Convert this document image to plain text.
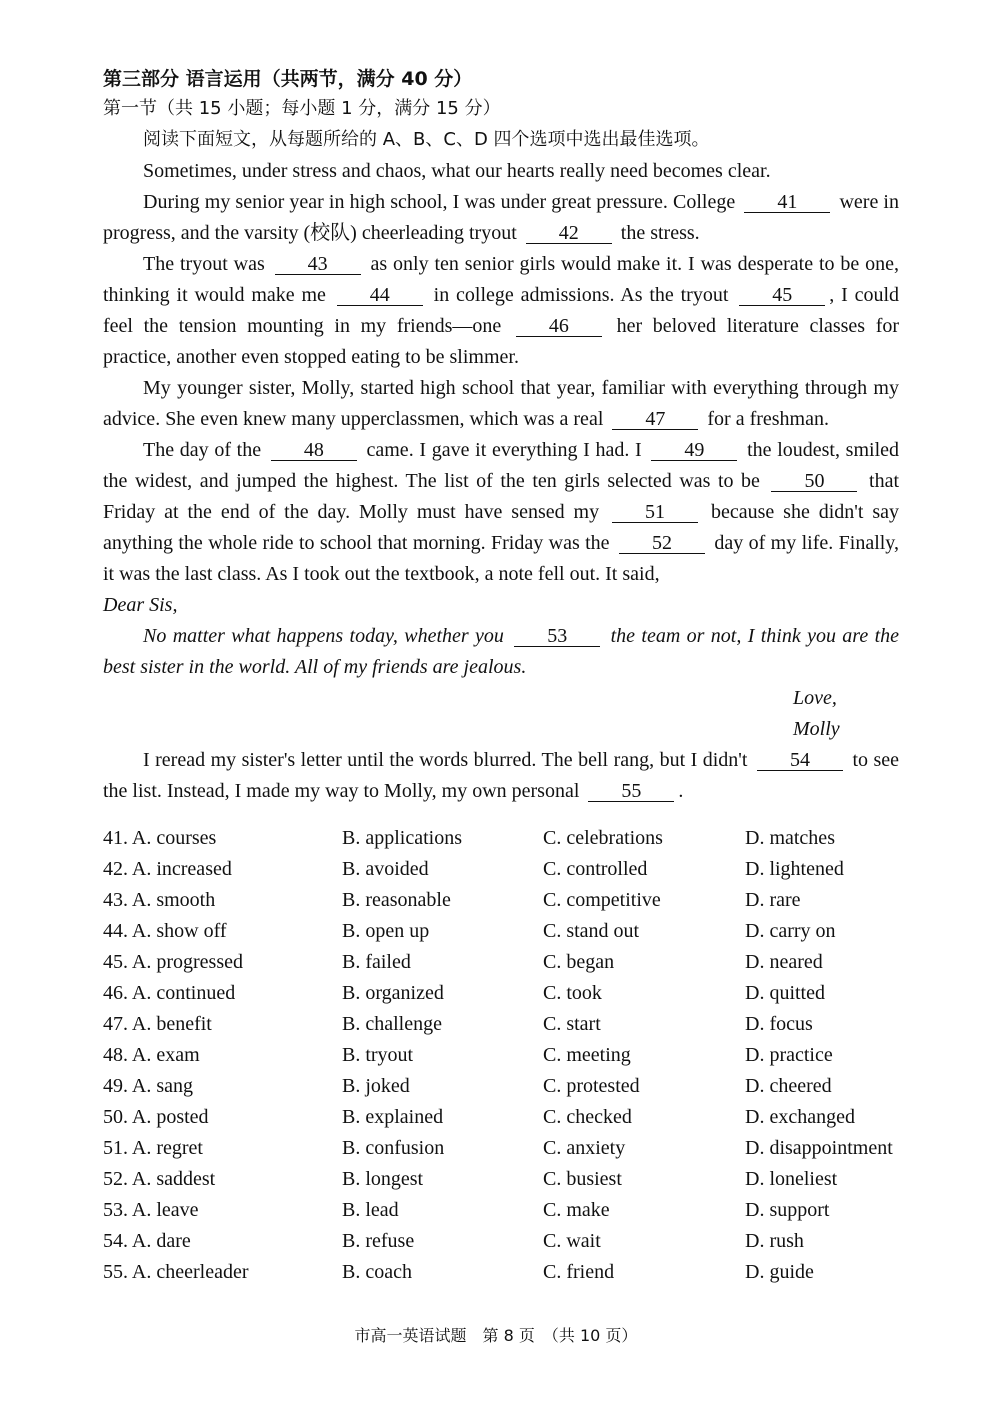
第三部分 语言运用（共两节，满分 40 分）

第一节（共 15 小题；每小题 1 分，满分 15 分）

阅读下面短文，从每题所给的 A、B、C、D 四个选项中选出最佳选项。

Sometimes, under stress and chaos, what our hearts really need becomes clear.

During my senior year in high school, I was under great pressure. College 41 were in progress, and the varsity (校队) cheerleading tryout 42 the stress.

The tryout was 43 as only ten senior girls would make it. I was desperate to be one, thinking it would make me 44 in college admissions. As the tryout 45 , I could feel the tension mounting in my friends—one 46 her beloved literature classes for practice, another even stopped eating to be slimmer.

My younger sister, Molly, started high school that year, familiar with everything through my advice. She even knew many upperclassmen, which was a real 47 for a freshman.

The day of the 48 came. I gave it everything I had. I 49 the loudest, smiled the widest, and jumped the highest. The list of the ten girls selected was to be 50 that Friday at the end of the day. Molly must have sensed my 51 because she didn't say anything the whole ride to school that morning. Friday was the 52 day of my life. Finally, it was the last class. As I took out the textbook, a note fell out. It said,

Dear Sis,

No matter what happens today, whether you 53 the team or not, I think you are the best sister in the world. All of my friends are jealous.

Love,

Molly

I reread my sister's letter until the words blurred. The bell rang, but I didn't 54 to see the list. Instead, I made my way to Molly, my own personal 55 .

41. A. courses	B. applications	C. celebrations	D. matches
42. A. increased	B. avoided	C. controlled	D. lightened
43. A. smooth	B. reasonable	C. competitive	D. rare
44. A. show off	B. open up	C. stand out	D. carry on
45. A. progressed	B. failed	C. began	D. neared
46. A. continued	B. organized	C. took	D. quitted
47. A. benefit	B. challenge	C. start	D. focus
48. A. exam	B. tryout	C. meeting	D. practice
49. A. sang	B. joked	C. protested	D. cheered
50. A. posted	B. explained	C. checked	D. exchanged
51. A. regret	B. confusion	C. anxiety	D. disappointment
52. A. saddest	B. longest	C. busiest	D. loneliest
53. A. leave	B. lead	C. make	D. support
54. A. dare	B. refuse	C. wait	D. rush
55. A. cheerleader	B. coach	C. friend	D. guide
市高一英语试题　第 8 页　（共 10 页）
